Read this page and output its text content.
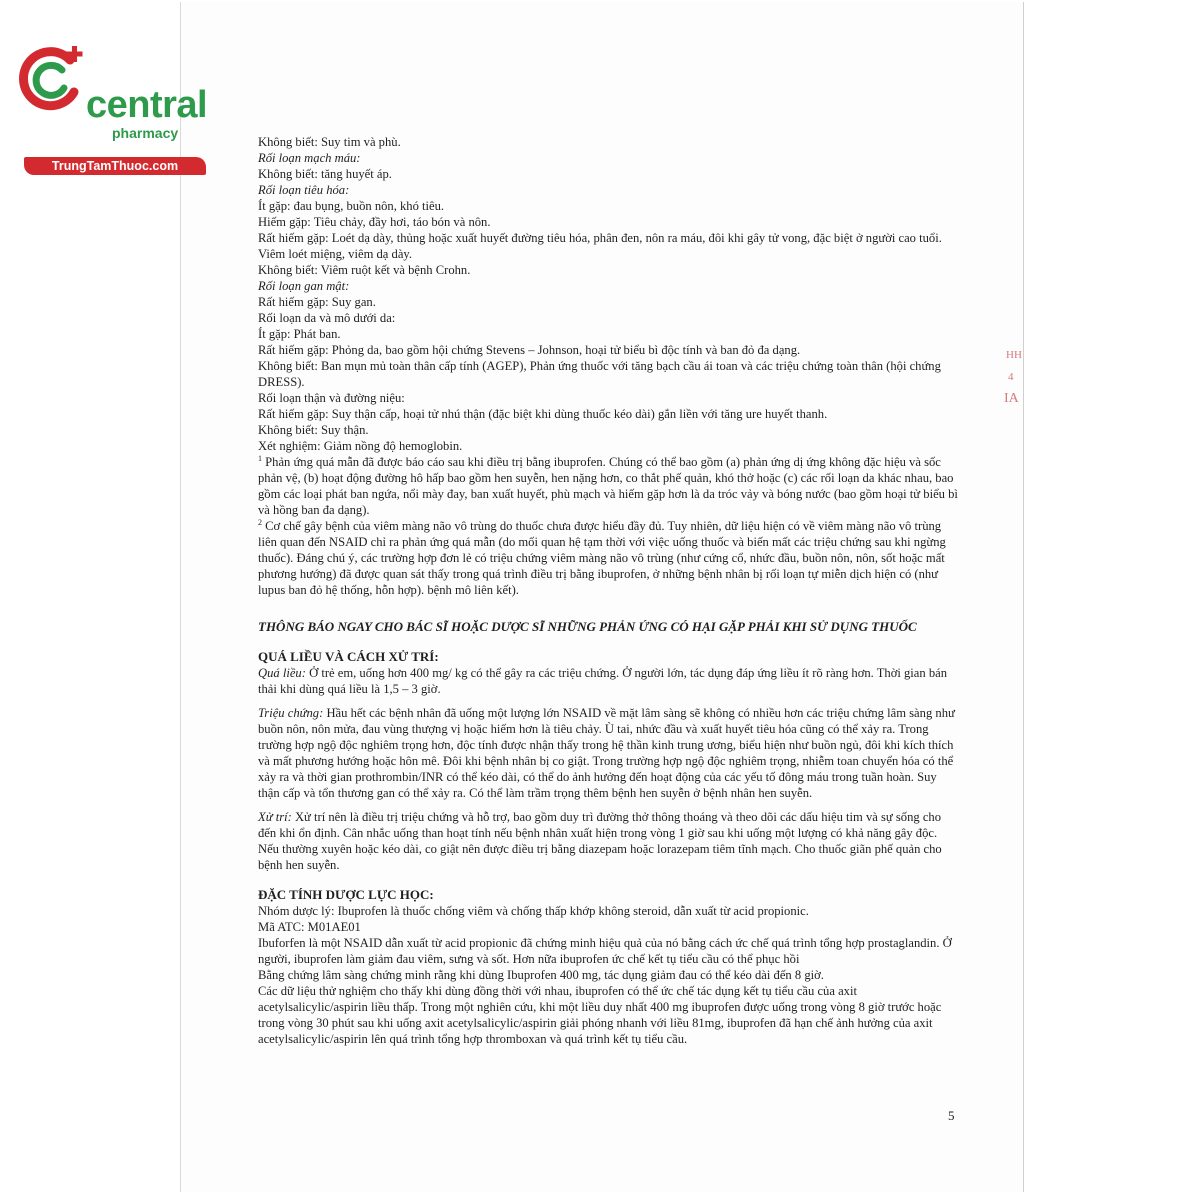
central
pharmacy
TrungTamThuoc.com
HH
4
IA

Không biết: Suy tim và phù.

Rối loạn mạch máu:

Không biết: tăng huyết áp.

Rối loạn tiêu hóa:

Ít gặp: đau bụng, buồn nôn, khó tiêu.

Hiếm gặp: Tiêu chảy, đầy hơi, táo bón và nôn.

Rất hiếm gặp: Loét dạ dày, thủng hoặc xuất huyết đường tiêu hóa, phân đen, nôn ra máu, đôi khi gây tử vong, đặc biệt ở người cao tuổi. Viêm loét miệng, viêm dạ dày.

Không biết: Viêm ruột kết và bệnh Crohn.

Rối loạn gan mật:

Rất hiếm gặp: Suy gan.

Rối loạn da và mô dưới da:

Ít gặp: Phát ban.

Rất hiếm gặp: Phỏng da, bao gồm hội chứng Stevens – Johnson, hoại tử biểu bì độc tính và ban đỏ đa dạng.

Không biết: Ban mụn mủ toàn thân cấp tính (AGEP), Phản ứng thuốc với tăng bạch cầu ái toan và các triệu chứng toàn thân (hội chứng DRESS).

Rối loạn thận và đường niệu:

Rất hiếm gặp: Suy thận cấp, hoại tử nhú thận (đặc biệt khi dùng thuốc kéo dài) gắn liền với tăng ure huyết thanh.

Không biết: Suy thận.

Xét nghiệm: Giảm nồng độ hemoglobin.

$^1$ Phản ứng quá mẫn đã được báo cáo sau khi điều trị bằng ibuprofen. Chúng có thể bao gồm (a) phản ứng dị ứng không đặc hiệu và sốc phản vệ, (b) hoạt động đường hô hấp bao gồm hen suyễn, hen nặng hơn, co thắt phế quản, khó thở hoặc (c) các rối loạn da khác nhau, bao gồm các loại phát ban ngứa, nổi mày đay, ban xuất huyết, phù mạch và hiếm gặp hơn là da tróc vảy và bóng nước (bao gồm hoại tử biểu bì và hồng ban đa dạng).

$^2$ Cơ chế gây bệnh của viêm màng não vô trùng do thuốc chưa được hiểu đầy đủ. Tuy nhiên, dữ liệu hiện có về viêm màng não vô trùng liên quan đến NSAID chỉ ra phản ứng quá mẫn (do mối quan hệ tạm thời với việc uống thuốc và biến mất các triệu chứng sau khi ngừng thuốc). Đáng chú ý, các trường hợp đơn lẻ có triệu chứng viêm màng não vô trùng (như cứng cổ, nhức đầu, buồn nôn, nôn, sốt hoặc mất phương hướng) đã được quan sát thấy trong quá trình điều trị bằng ibuprofen, ở những bệnh nhân bị rối loạn tự miễn dịch hiện có (như lupus ban đỏ hệ thống, hỗn hợp). bệnh mô liên kết).

THÔNG BÁO NGAY CHO BÁC SĨ HOẶC DƯỢC SĨ NHỮNG PHẢN ỨNG CÓ HẠI GẶP PHẢI KHI SỬ DỤNG THUỐC

QUÁ LIỀU VÀ CÁCH XỬ TRÍ:

Quá liều: Ở trẻ em, uống hơn 400 mg/ kg có thể gây ra các triệu chứng. Ở người lớn, tác dụng đáp ứng liều ít rõ ràng hơn. Thời gian bán thải khi dùng quá liều là 1,5 – 3 giờ.

Triệu chứng: Hầu hết các bệnh nhân đã uống một lượng lớn NSAID về mặt lâm sàng sẽ không có nhiều hơn các triệu chứng lâm sàng như buồn nôn, nôn mửa, đau vùng thượng vị hoặc hiếm hơn là tiêu chảy. Ù tai, nhức đầu và xuất huyết tiêu hóa cũng có thể xảy ra. Trong trường hợp ngộ độc nghiêm trọng hơn, độc tính được nhận thấy trong hệ thần kinh trung ương, biểu hiện như buồn ngủ, đôi khi kích thích và mất phương hướng hoặc hôn mê. Đôi khi bệnh nhân bị co giật. Trong trường hợp ngộ độc nghiêm trọng, nhiễm toan chuyển hóa có thể xảy ra và thời gian prothrombin/INR có thể kéo dài, có thể do ảnh hưởng đến hoạt động của các yếu tố đông máu trong tuần hoàn. Suy thận cấp và tổn thương gan có thể xảy ra. Có thể làm trầm trọng thêm bệnh hen suyễn ở bệnh nhân hen suyễn.

Xử trí: Xử trí nên là điều trị triệu chứng và hỗ trợ, bao gồm duy trì đường thở thông thoáng và theo dõi các dấu hiệu tim và sự sống cho đến khi ổn định. Cân nhắc uống than hoạt tính nếu bệnh nhân xuất hiện trong vòng 1 giờ sau khi uống một lượng có khả năng gây độc. Nếu thường xuyên hoặc kéo dài, co giật nên được điều trị bằng diazepam hoặc lorazepam tiêm tĩnh mạch. Cho thuốc giãn phế quản cho bệnh hen suyễn.

ĐẶC TÍNH DƯỢC LỰC HỌC:

Nhóm dược lý: Ibuprofen là thuốc chống viêm và chống thấp khớp không steroid, dẫn xuất từ acid propionic.

Mã ATC: M01AE01

Ibuforfen là một NSAID dẫn xuất từ acid propionic đã chứng minh hiệu quả của nó bằng cách ức chế quá trình tổng hợp prostaglandin. Ở người, ibuprofen làm giảm đau viêm, sưng và sốt. Hơn nữa ibuprofen ức chế kết tụ tiểu cầu có thể phục hồi

Bằng chứng lâm sàng chứng minh rằng khi dùng Ibuprofen 400 mg, tác dụng giảm đau có thể kéo dài đến 8 giờ.

Các dữ liệu thử nghiệm cho thấy khi dùng đồng thời với nhau, ibuprofen có thể ức chế tác dụng kết tụ tiểu cầu của axit acetylsalicylic/aspirin liều thấp. Trong một nghiên cứu, khi một liều duy nhất 400 mg ibuprofen được uống trong vòng 8 giờ trước hoặc trong vòng 30 phút sau khi uống axit acetylsalicylic/aspirin giải phóng nhanh với liều 81mg, ibuprofen đã hạn chế ảnh hưởng của axit acetylsalicylic/aspirin lên quá trình tổng hợp thromboxan và quá trình kết tụ tiểu cầu.

5
